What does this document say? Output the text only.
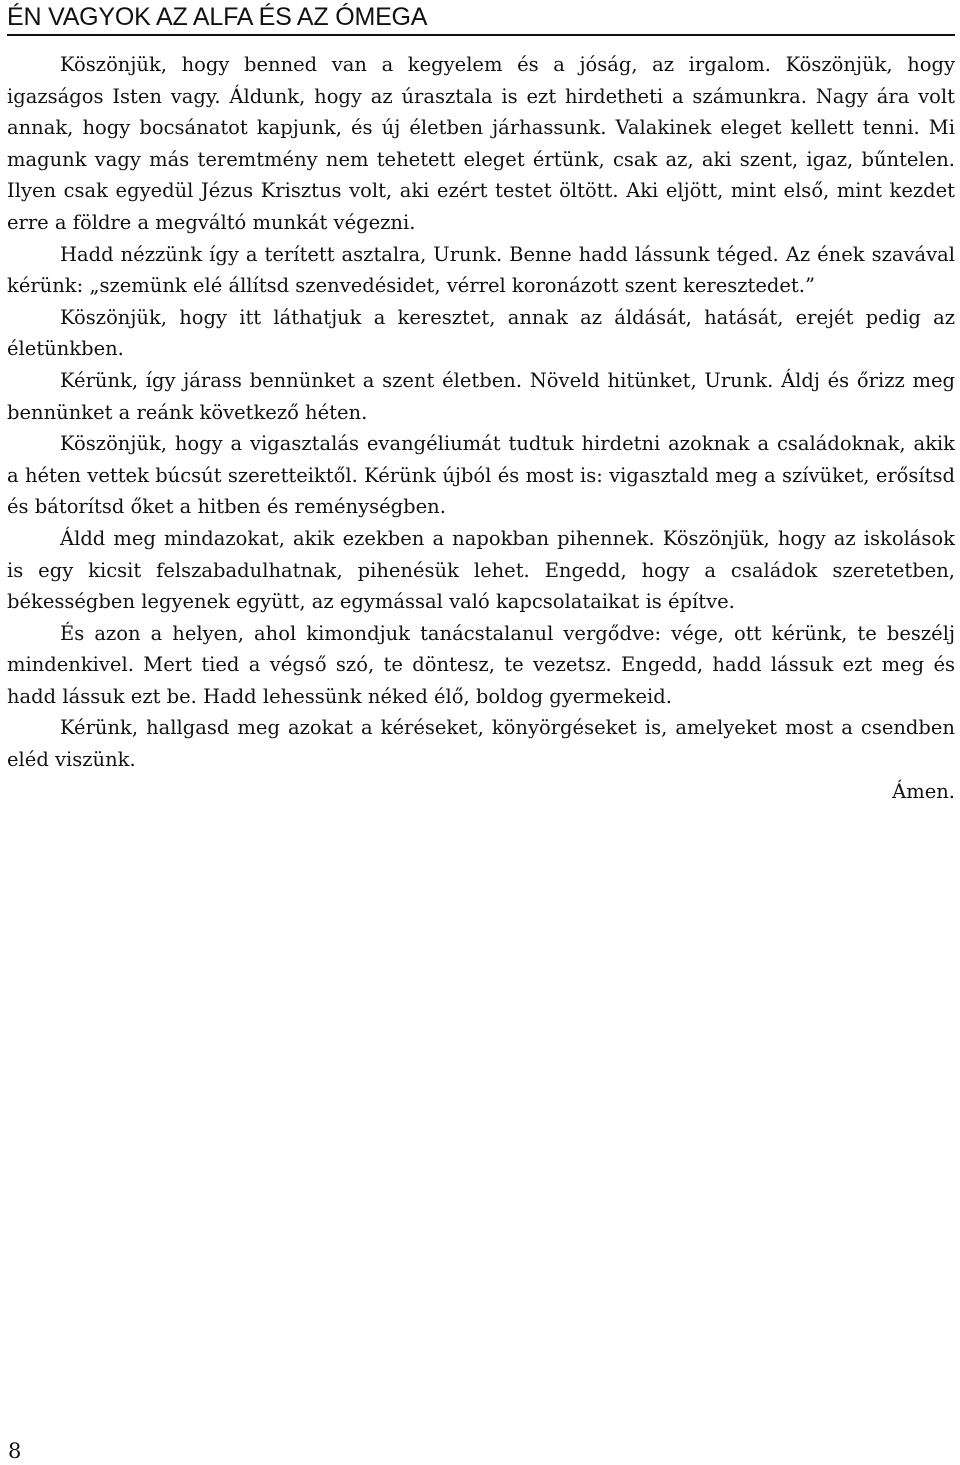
ÉN VAGYOK AZ ALFA ÉS AZ ÓMEGA

Köszönjük, hogy benned van a kegyelem és a jóság, az irgalom. Köszönjük, hogy igazságos Isten vagy. Áldunk, hogy az úrasztala is ezt hirdetheti a számunkra. Nagy ára volt annak, hogy bocsánatot kapjunk, és új életben járhassunk. Valakinek eleget kellett tenni. Mi magunk vagy más teremtmény nem tehetett eleget értünk, csak az, aki szent, igaz, bűntelen. Ilyen csak egyedül Jézus Krisztus volt, aki ezért testet öltött. Aki eljött, mint első, mint kezdet erre a földre a megváltó munkát végezni.

Hadd nézzünk így a terített asztalra, Urunk. Benne hadd lássunk téged. Az ének szavával kérünk: „szemünk elé állítsd szenvedésidet, vérrel koronázott szent keresztedet.”

Köszönjük, hogy itt láthatjuk a keresztet, annak az áldását, hatását, erejét pedig az életünkben.

Kérünk, így járass bennünket a szent életben. Növeld hitünket, Urunk. Áldj és őrizz meg bennünket a reánk következő héten.

Köszönjük, hogy a vigasztalás evangéliumát tudtuk hirdetni azoknak a családoknak, akik a héten vettek búcsút szeretteiktől. Kérünk újból és most is: vigasztald meg a szívüket, erősítsd és bátorítsd őket a hitben és reménységben.

Áldd meg mindazokat, akik ezekben a napokban pihennek. Köszönjük, hogy az iskolások is egy kicsit felszabadulhatnak, pihenésük lehet. Engedd, hogy a családok szeretetben, békességben legyenek együtt, az egymással való kapcsolataikat is építve.

És azon a helyen, ahol kimondjuk tanácstalanul vergődve: vége, ott kérünk, te beszélj mindenkivel. Mert tied a végső szó, te döntesz, te vezetsz. Engedd, hadd lássuk ezt meg és hadd lássuk ezt be. Hadd lehessünk néked élő, boldog gyermekeid.

Kérünk, hallgasd meg azokat a kéréseket, könyörgéseket is, amelyeket most a csendben eléd viszünk.

Ámen.

8
